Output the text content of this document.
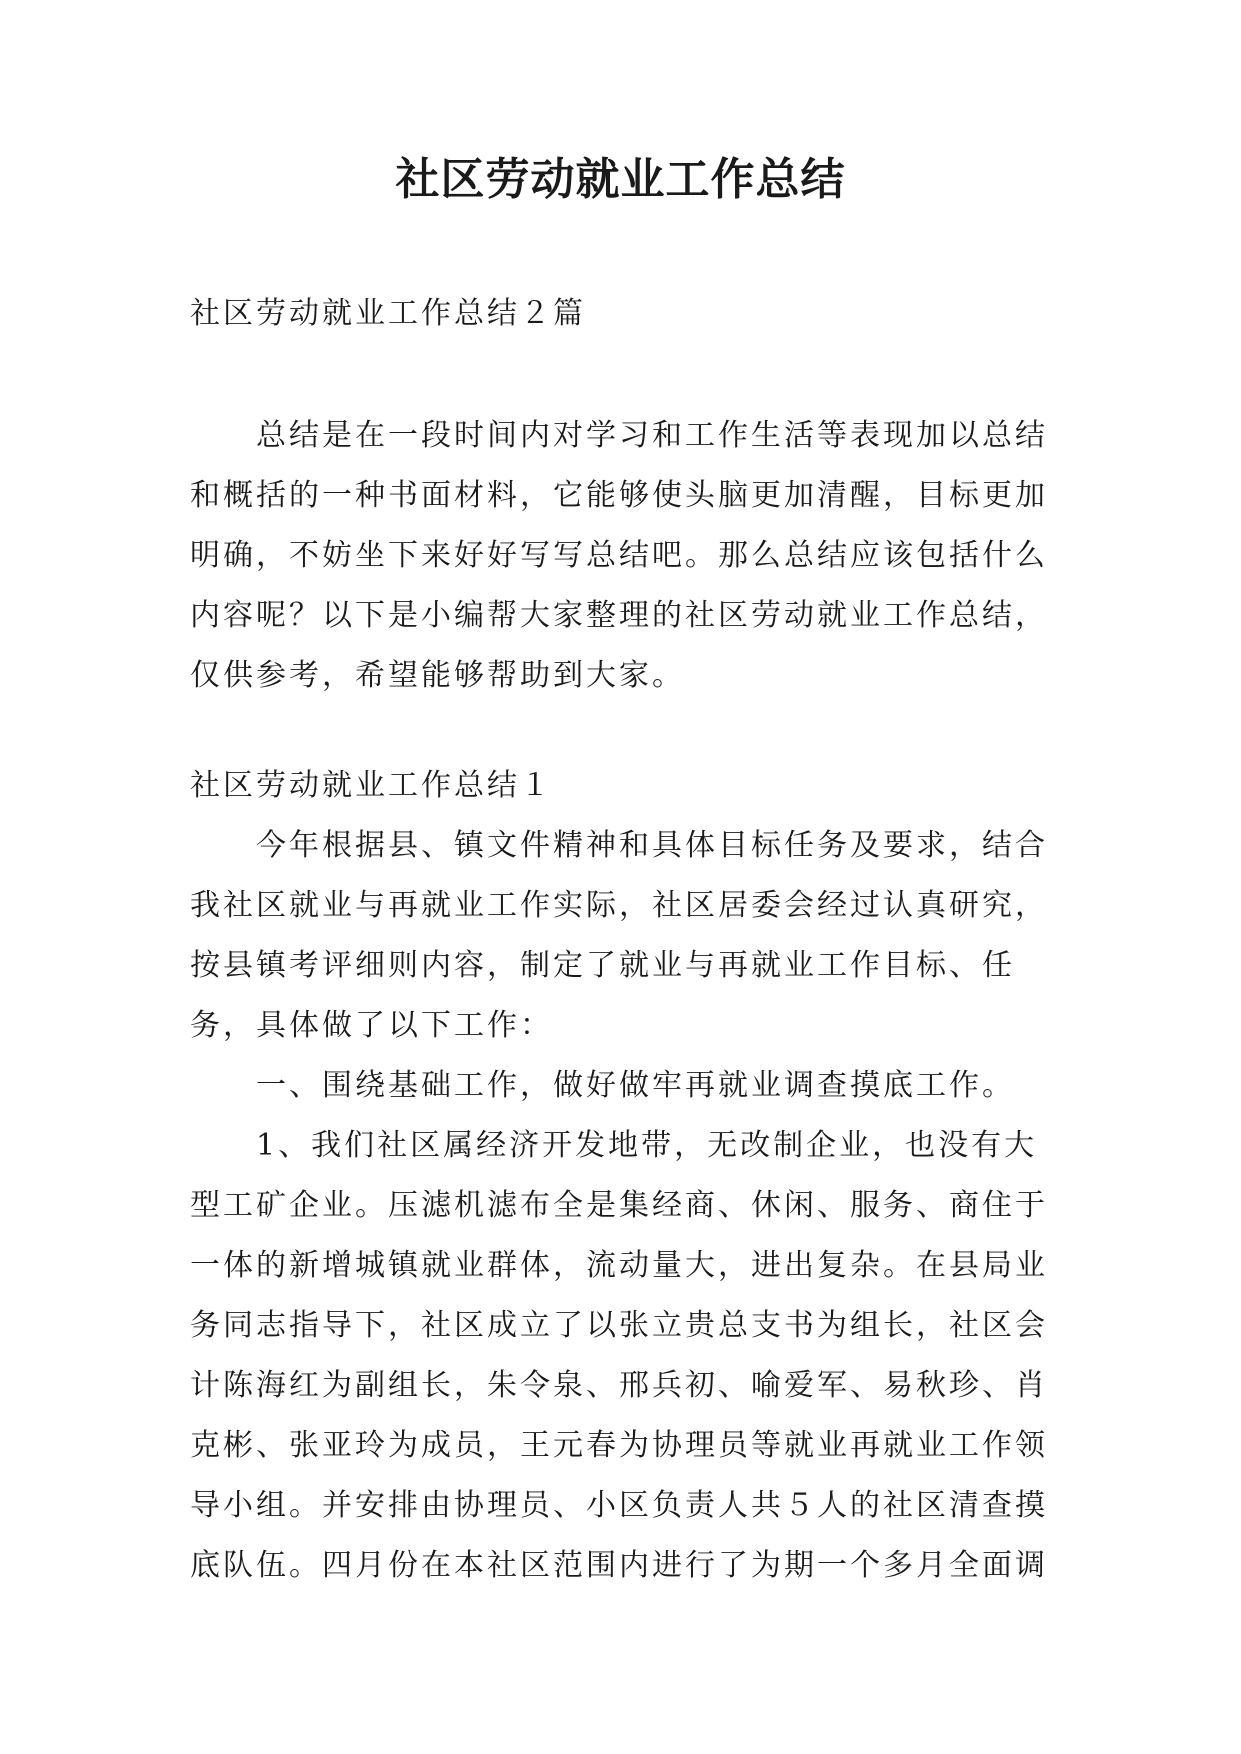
社区劳动就业工作总结
社区劳动就业工作总结２篇

总结是在一段时间内对学习和工作生活等表现加以总结和概括的一种书面材料，它能够使头脑更加清醒，目标更加明确，不妨坐下来好好写写总结吧。那么总结应该包括什么内容呢？以下是小编帮大家整理的社区劳动就业工作总结，仅供参考，希望能够帮助到大家。

社区劳动就业工作总结１

今年根据县、镇文件精神和具体目标任务及要求，结合我社区就业与再就业工作实际，社区居委会经过认真研究，按县镇考评细则内容，制定了就业与再就业工作目标、任务，具体做了以下工作：

一、围绕基础工作，做好做牢再就业调查摸底工作。

1、我们社区属经济开发地带，无改制企业，也没有大型工矿企业。压滤机滤布全是集经商、休闲、服务、商住于一体的新增城镇就业群体，流动量大，进出复杂。在县局业务同志指导下，社区成立了以张立贵总支书为组长，社区会计陈海红为副组长，朱令泉、邢兵初、喻爱军、易秋珍、肖克彬、张亚玲为成员，王元春为协理员等就业再就业工作领导小组。并安排由协理员、小区负责人共５人的社区清查摸底队伍。四月份在本社区范围内进行了为期一个多月全面调
